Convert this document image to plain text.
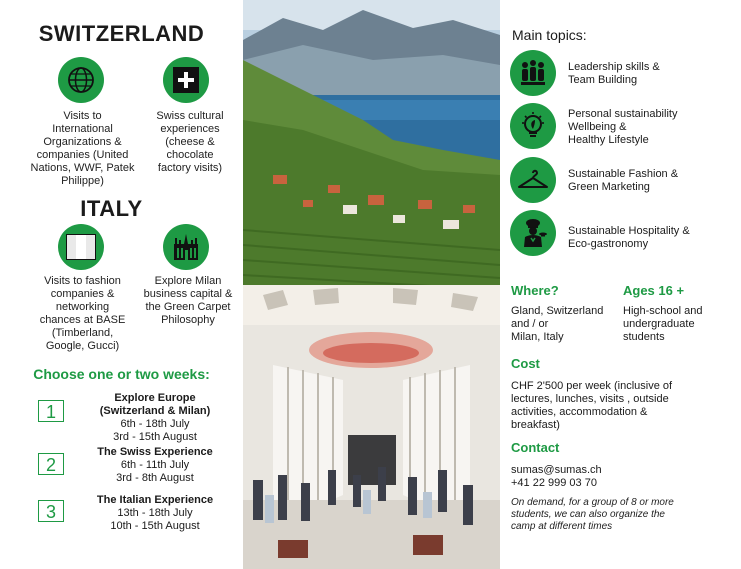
SWITZERLAND
Visits to
International
Organizations &
companies (United
Nations, WWF, Patek
Philippe)
Swiss cultural
experiences
(cheese &
chocolate
factory visits)
ITALY
Visits to fashion
companies &
networking
chances at BASE
(Timberland,
Google, Gucci)
Explore Milan
business capital &
the Green Carpet
Philosophy
Choose one or two weeks:
1
Explore Europe
(Switzerland & Milan)
6th - 18th July
3rd - 15th August
2
The Swiss Experience
6th - 11th July
3rd - 8th August
3
The Italian Experience
13th - 18th July
10th - 15th August
Main topics:
Leadership skills &
Team Building
Personal sustainability
Wellbeing &
Healthy Lifestyle
Sustainable Fashion &
Green Marketing
Sustainable Hospitality &
Eco-gastronomy
Where?
Gland, Switzerland
and / or
Milan, Italy
Ages 16 +
High-school and
undergraduate
students
Cost
CHF 2'500 per week (inclusive of
lectures, lunches, visits , outside
activities, accommodation &
breakfast)
Contact
sumas@sumas.ch
+41 22 999 03 70
On demand, for a group of 8 or more
students, we can also organize the
camp at different times
